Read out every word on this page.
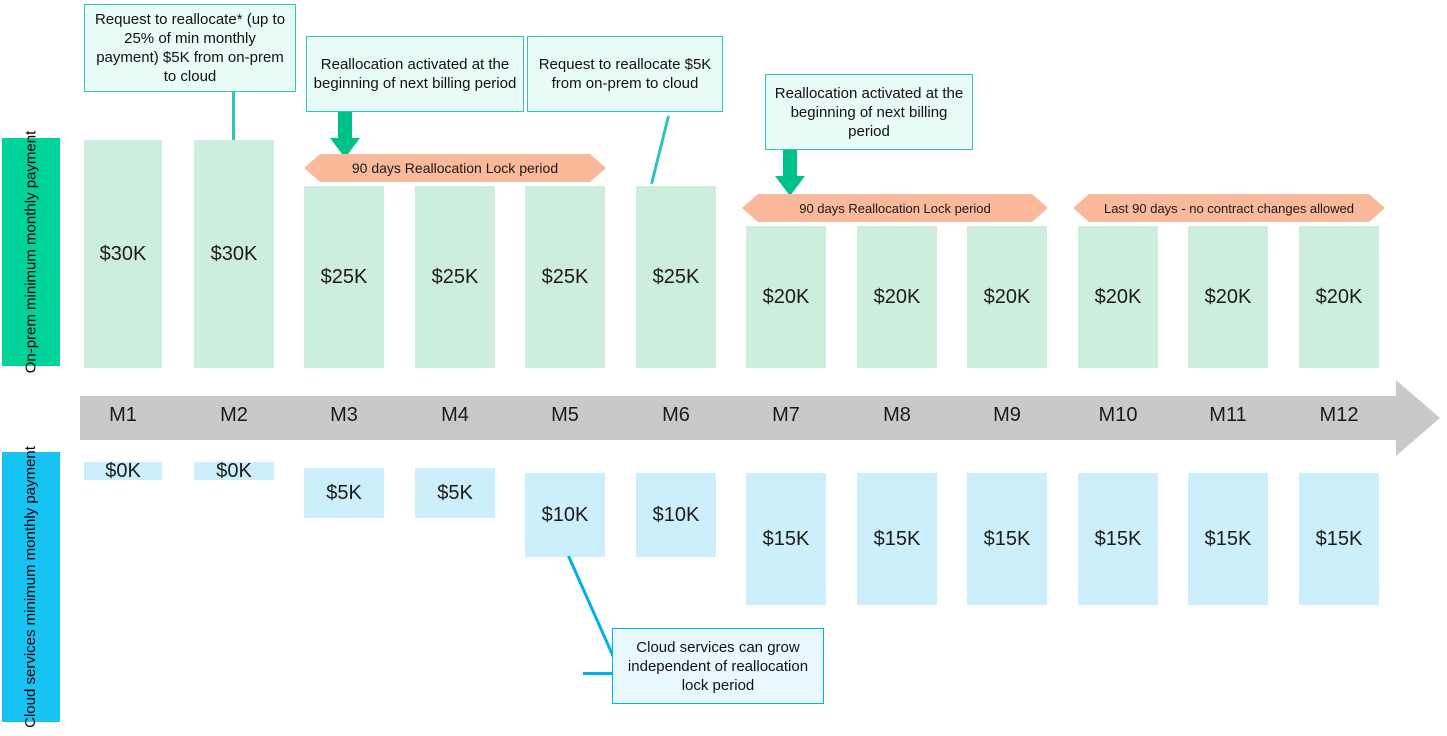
On-prem minimum monthly payment
Cloud services minimum monthly payment
$30K	$30K
$25K	$25K	$25K	$25K
$20K	$20K	$20K	$20K	$20K	$20K
M1	M2	M3	M4	M5	M6	M7	M8	M9	M10	M11	M12
$0K	$0K
$5K	$5K
$10K	$10K
$15K	$15K	$15K	$15K	$15K	$15K
90 days Reallocation Lock period
90 days Reallocation Lock period	Last 90 days - no contract changes allowed
Request to reallocate* (up to 25% of min monthly payment) $5K from on-prem to cloud
Reallocation activated at the beginning of next billing period
Request to reallocate $5K from on-prem to cloud
Reallocation activated at the beginning of next billing period
Cloud services can grow independent of reallocation lock period
